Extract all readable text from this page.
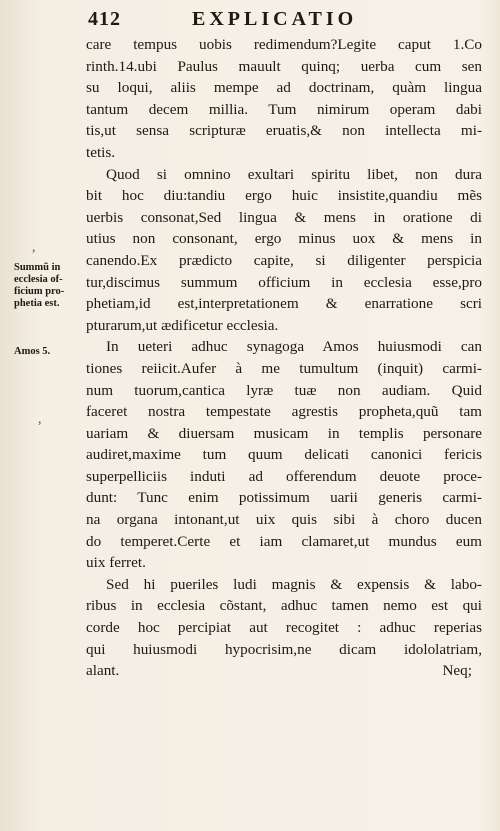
412	EXPLICATIO
Summũ in
ecclesia of-
ficium pro-
phetia est.
Amos 5.
,
,
care tempus uobis redimendum?Legite caput 1.Co
rinth.14.ubi Paulus mauult quinq; uerba cum sen
su loqui, aliis mempe ad doctrinam, quàm lingua
tantum decem millia. Tum nimirum operam dabi
tis,ut sensa scripturæ eruatis,& non intellecta mi-
tetis.
Quod si omnino exultari spiritu libet, non dura
bit hoc diu:tandiu ergo huic insistite,quandiu mẽs
uerbis consonat,Sed lingua & mens in oratione di
utius non consonant, ergo minus uox & mens in
canendo.Ex prædicto capite, si diligenter perspicia
tur,discimus summum officium in ecclesia esse,pro
phetiam,id est,interpretationem & enarratione scri
pturarum,ut ædificetur ecclesia.
In ueteri adhuc synagoga Amos huiusmodi can
tiones reiicit.Aufer à me tumultum (inquit) carmi-
num tuorum,cantica lyræ tuæ non audiam. Quid
faceret nostra tempestate agrestis propheta,quũ tam
uariam & diuersam musicam in templis personare
audiret,maxime tum quum delicati canonici fericis
superpelliciis induti ad offerendum deuote proce-
dunt: Tunc enim potissimum uarii generis carmi-
na organa intonant,ut uix quis sibi à choro ducen
do temperet.Certe et iam clamaret,ut mundus eum
uix ferret.
Sed hi pueriles ludi magnis & expensis & labo-
ribus in ecclesia cõstant, adhuc tamen nemo est qui
corde hoc percipiat aut recogitet : adhuc reperias
qui huiusmodi hypocrisim,ne dicam idololatriam,
alant.	Neq;
